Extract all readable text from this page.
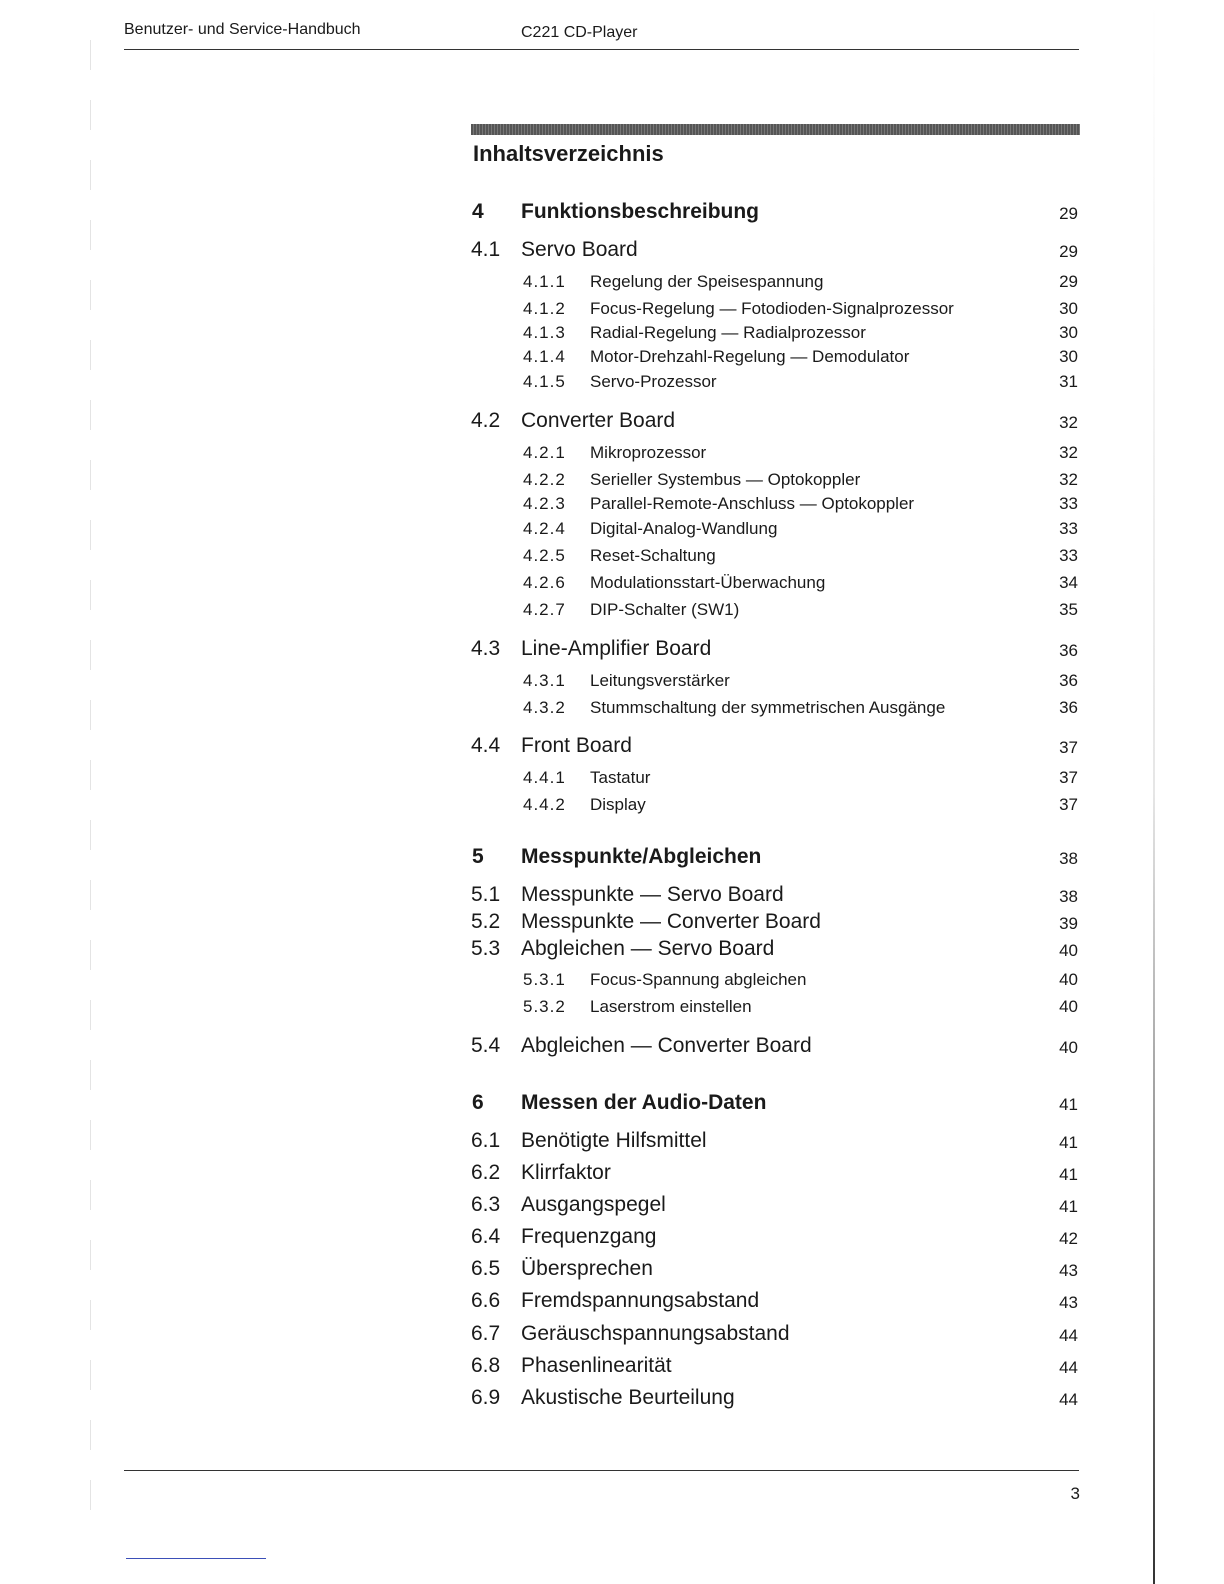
Benutzer- und Service-Handbuch	C221 CD-Player
Inhaltsverzeichnis
4 Funktionsbeschreibung	29
4.1 Servo Board	29
4.1.1 Regelung der Speisespannung	29
4.1.2 Focus-Regelung — Fotodioden-Signalprozessor	30
4.1.3 Radial-Regelung — Radialprozessor	30
4.1.4 Motor-Drehzahl-Regelung — Demodulator	30
4.1.5 Servo-Prozessor	31
4.2 Converter Board	32
4.2.1 Mikroprozessor	32
4.2.2 Serieller Systembus — Optokoppler	32
4.2.3 Parallel-Remote-Anschluss — Optokoppler	33
4.2.4 Digital-Analog-Wandlung	33
4.2.5 Reset-Schaltung	33
4.2.6 Modulationsstart-Überwachung	34
4.2.7 DIP-Schalter (SW1)	35
4.3 Line-Amplifier Board	36
4.3.1 Leitungsverstärker	36
4.3.2 Stummschaltung der symmetrischen Ausgänge	36
4.4 Front Board	37
4.4.1 Tastatur	37
4.4.2 Display	37
5 Messpunkte/Abgleichen	38
5.1 Messpunkte — Servo Board	38
5.2 Messpunkte — Converter Board	39
5.3 Abgleichen — Servo Board	40
5.3.1 Focus-Spannung abgleichen	40
5.3.2 Laserstrom einstellen	40
5.4 Abgleichen — Converter Board	40
6 Messen der Audio-Daten	41
6.1 Benötigte Hilfsmittel	41
6.2 Klirrfaktor	41
6.3 Ausgangspegel	41
6.4 Frequenzgang	42
6.5 Übersprechen	43
6.6 Fremdspannungsabstand	43
6.7 Geräuschspannungsabstand	44
6.8 Phasenlinearität	44
6.9 Akustische Beurteilung	44
3
